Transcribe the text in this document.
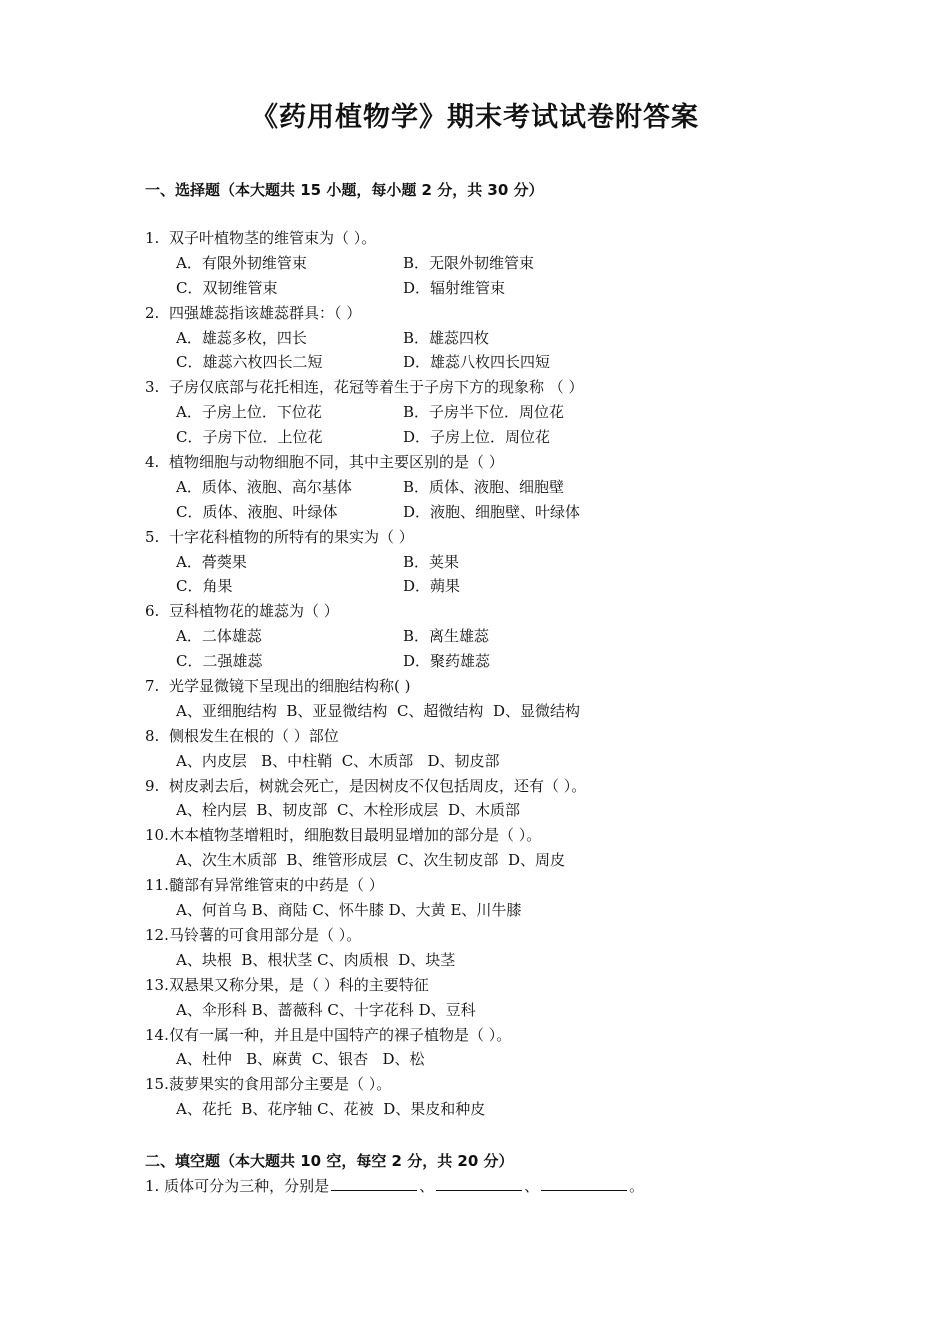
《药用植物学》期末考试试卷附答案
一、选择题（本大题共 15 小题，每小题 2 分，共 30 分）
1. 双子叶植物茎的维管束为（ ）。
A．有限外韧维管束	B．无限外韧维管束
C．双韧维管束	D．辐射维管束
2. 四强雄蕊指该雄蕊群具：（ ）
A．雄蕊多枚，四长	B．雄蕊四枚
C．雄蕊六枚四长二短	D．雄蕊八枚四长四短
3. 子房仅底部与花托相连，花冠等着生于子房下方的现象称 （ ）
A．子房上位．下位花	B．子房半下位．周位花
C．子房下位．上位花	D．子房上位．周位花
4. 植物细胞与动物细胞不同，其中主要区别的是（ ）
A．质体、液胞、高尔基体	B．质体、液胞、细胞壁
C．质体、液胞、叶绿体	D．液胞、细胞壁、叶绿体
5. 十字花科植物的所特有的果实为（ ）
A．蓇葖果	B．荚果
C．角果	D．蒴果
6. 豆科植物花的雄蕊为（ ）
A．二体雄蕊	B．离生雄蕊
C．二强雄蕊	D．聚药雄蕊
7. 光学显微镜下呈现出的细胞结构称( )
A、亚细胞结构  B、亚显微结构  C、超微结构  D、显微结构
8. 侧根发生在根的（ ）部位
A、内皮层   B、中柱鞘  C、木质部   D、韧皮部
9. 树皮剥去后，树就会死亡，是因树皮不仅包括周皮，还有（ ）。
A、栓内层  B、韧皮部  C、木栓形成层  D、木质部
10.木本植物茎增粗时，细胞数目最明显增加的部分是（ ）。
A、次生木质部  B、维管形成层  C、次生韧皮部  D、周皮
11.髓部有异常维管束的中药是（ ）
A、何首乌 B、商陆 C、怀牛膝 D、大黄 E、川牛膝
12.马铃薯的可食用部分是（ ）。
A、块根  B、根状茎 C、肉质根  D、块茎
13.双悬果又称分果，是（ ）科的主要特征
A、伞形科 B、蔷薇科 C、十字花科 D、豆科
14.仅有一属一种，并且是中国特产的裸子植物是（ ）。
A、杜仲   B、麻黄  C、银杏   D、松
15.菠萝果实的食用部分主要是（ ）。
A、花托  B、花序轴 C、花被  D、果皮和种皮
二、填空题（本大题共 10 空，每空 2 分，共 20 分）
1. 质体可分为三种，分别是	、	、	。
